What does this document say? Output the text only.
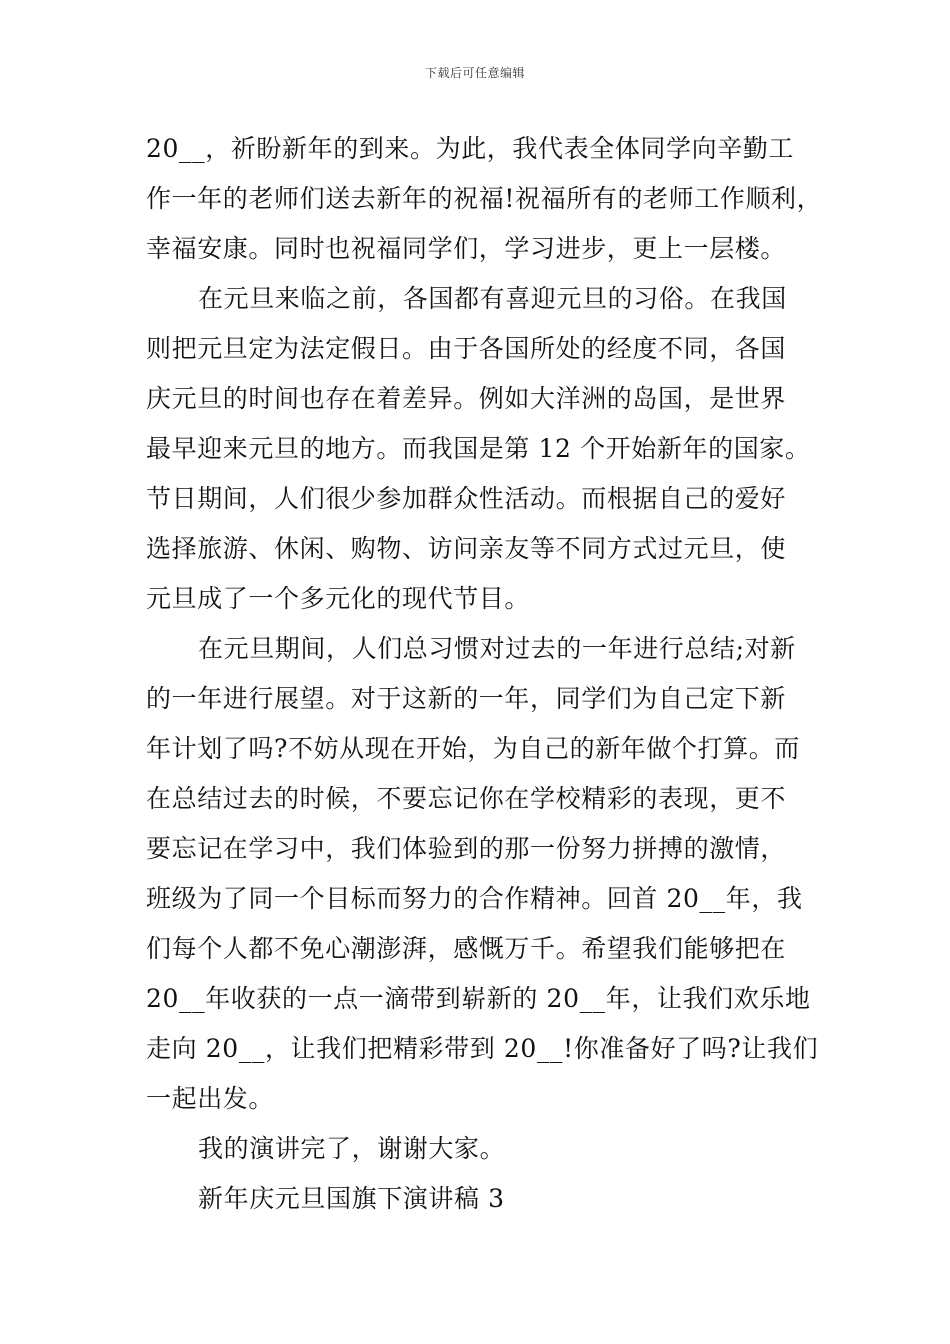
下载后可任意编辑
20__，祈盼新年的到来。为此，我代表全体同学向辛勤工
作一年的老师们送去新年的祝福!祝福所有的老师工作顺利，
幸福安康。同时也祝福同学们，学习进步，更上一层楼。
在元旦来临之前，各国都有喜迎元旦的习俗。在我国
则把元旦定为法定假日。由于各国所处的经度不同，各国
庆元旦的时间也存在着差异。例如大洋洲的岛国，是世界
最早迎来元旦的地方。而我国是第 12 个开始新年的国家。
节日期间，人们很少参加群众性活动。而根据自己的爱好
选择旅游、休闲、购物、访问亲友等不同方式过元旦，使
元旦成了一个多元化的现代节目。
在元旦期间，人们总习惯对过去的一年进行总结;对新
的一年进行展望。对于这新的一年，同学们为自己定下新
年计划了吗?不妨从现在开始，为自己的新年做个打算。而
在总结过去的时候，不要忘记你在学校精彩的表现，更不
要忘记在学习中，我们体验到的那一份努力拼搏的激情，
班级为了同一个目标而努力的合作精神。回首 20__年，我
们每个人都不免心潮澎湃，感慨万千。希望我们能够把在
20__年收获的一点一滴带到崭新的 20__年，让我们欢乐地
走向 20__，让我们把精彩带到 20__!你准备好了吗?让我们
一起出发。
我的演讲完了，谢谢大家。
新年庆元旦国旗下演讲稿 3
